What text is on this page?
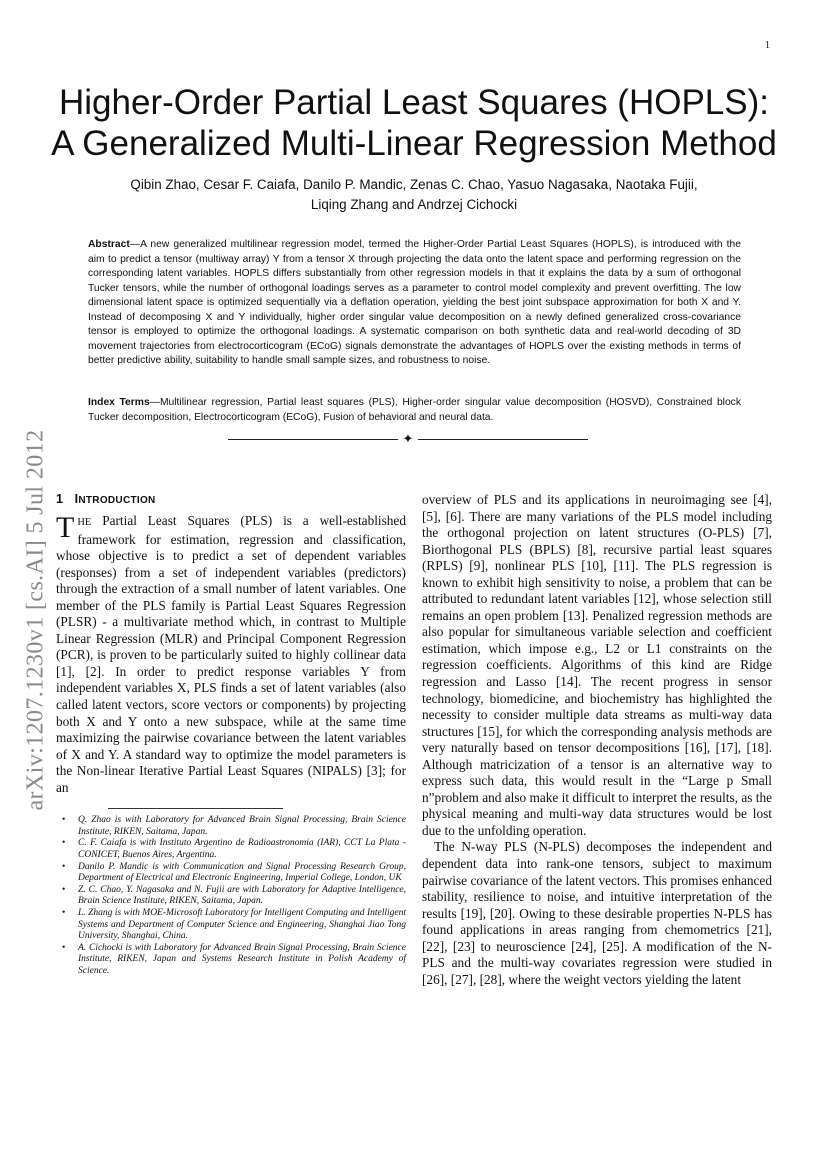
1
arXiv:1207.1230v1 [cs.AI] 5 Jul 2012
Higher-Order Partial Least Squares (HOPLS):
A Generalized Multi-Linear Regression Method
Qibin Zhao, Cesar F. Caiafa, Danilo P. Mandic, Zenas C. Chao, Yasuo Nagasaka, Naotaka Fujii,
Liqing Zhang and Andrzej Cichocki
Abstract—A new generalized multilinear regression model, termed the Higher-Order Partial Least Squares (HOPLS), is introduced with the aim to predict a tensor (multiway array) Y from a tensor X through projecting the data onto the latent space and performing regression on the corresponding latent variables. HOPLS differs substantially from other regression models in that it explains the data by a sum of orthogonal Tucker tensors, while the number of orthogonal loadings serves as a parameter to control model complexity and prevent overfitting. The low dimensional latent space is optimized sequentially via a deflation operation, yielding the best joint subspace approximation for both X and Y. Instead of decomposing X and Y individually, higher order singular value decomposition on a newly defined generalized cross-covariance tensor is employed to optimize the orthogonal loadings. A systematic comparison on both synthetic data and real-world decoding of 3D movement trajectories from electrocorticogram (ECoG) signals demonstrate the advantages of HOPLS over the existing methods in terms of better predictive ability, suitability to handle small sample sizes, and robustness to noise.
Index Terms—Multilinear regression, Partial least squares (PLS), Higher-order singular value decomposition (HOSVD), Constrained block Tucker decomposition, Electrocorticogram (ECoG), Fusion of behavioral and neural data.
✦
1 INTRODUCTION

THE Partial Least Squares (PLS) is a well-established framework for estimation, regression and classification, whose objective is to predict a set of dependent variables (responses) from a set of independent variables (predictors) through the extraction of a small number of latent variables. One member of the PLS family is Partial Least Squares Regression (PLSR) - a multivariate method which, in contrast to Multiple Linear Regression (MLR) and Principal Component Regression (PCR), is proven to be particularly suited to highly collinear data [1], [2]. In order to predict response variables Y from independent variables X, PLS finds a set of latent variables (also called latent vectors, score vectors or components) by projecting both X and Y onto a new subspace, while at the same time maximizing the pairwise covariance between the latent variables of X and Y. A standard way to optimize the model parameters is the Non-linear Iterative Partial Least Squares (NIPALS) [3]; for an

• Q. Zhao is with Laboratory for Advanced Brain Signal Processing, Brain Science Institute, RIKEN, Saitama, Japan.
• C. F. Caiafa is with Instituto Argentino de Radioastronomía (IAR), CCT La Plata - CONICET, Buenos Aires, Argentina.
• Danilo P. Mandic is with Communication and Signal Processing Research Group, Department of Electrical and Electronic Engineering, Imperial College, London, UK
• Z. C. Chao, Y. Nagasaka and N. Fujii are with Laboratory for Adaptive Intelligence, Brain Science Institute, RIKEN, Saitama, Japan.
• L. Zhang is with MOE-Microsoft Laboratory for Intelligent Computing and Intelligent Systems and Department of Computer Science and Engineering, Shanghai Jiao Tong University, Shanghai, China.
• A. Cichocki is with Laboratory for Advanced Brain Signal Processing, Brain Science Institute, RIKEN, Japan and Systems Research Institute in Polish Academy of Science.

overview of PLS and its applications in neuroimaging see [4], [5], [6]. There are many variations of the PLS model including the orthogonal projection on latent structures (O-PLS) [7], Biorthogonal PLS (BPLS) [8], recursive partial least squares (RPLS) [9], nonlinear PLS [10], [11]. The PLS regression is known to exhibit high sensitivity to noise, a problem that can be attributed to redundant latent variables [12], whose selection still remains an open problem [13]. Penalized regression methods are also popular for simultaneous variable selection and coefficient estimation, which impose e.g., L2 or L1 constraints on the regression coefficients. Algorithms of this kind are Ridge regression and Lasso [14]. The recent progress in sensor technology, biomedicine, and biochemistry has highlighted the necessity to consider multiple data streams as multi-way data structures [15], for which the corresponding analysis methods are very naturally based on tensor decompositions [16], [17], [18]. Although matricization of a tensor is an alternative way to express such data, this would result in the “Large p Small n”problem and also make it difficult to interpret the results, as the physical meaning and multi-way data structures would be lost due to the unfolding operation.

The N-way PLS (N-PLS) decomposes the independent and dependent data into rank-one tensors, subject to maximum pairwise covariance of the latent vectors. This promises enhanced stability, resilience to noise, and intuitive interpretation of the results [19], [20]. Owing to these desirable properties N-PLS has found applications in areas ranging from chemometrics [21], [22], [23] to neuroscience [24], [25]. A modification of the N-PLS and the multi-way covariates regression were studied in [26], [27], [28], where the weight vectors yielding the latent
